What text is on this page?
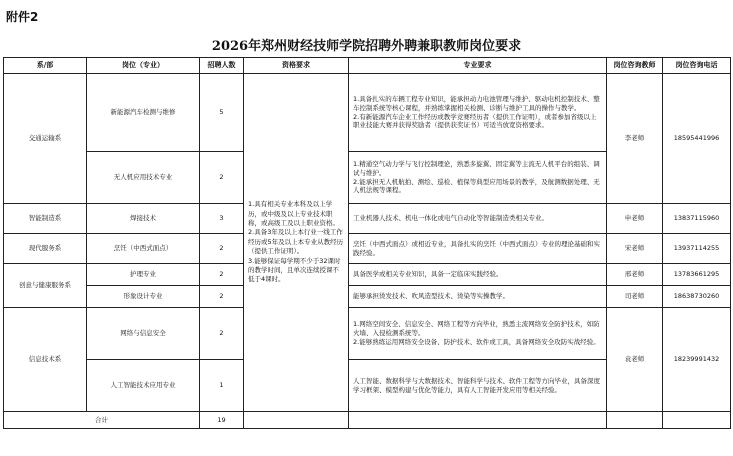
附件2
2026年郑州财经技师学院招聘外聘兼职教师岗位要求
系/部	岗位（专业）	招聘人数	资格要求	专业要求	岗位咨询教师	岗位咨询电话
交通运输系	新能源汽车检测与维修	5	1.具有相关专业本科及以上学历，或中级及以上专业技术职称，或高级工及以上职业资格。
2.具备3年及以上本行业一线工作经历或5年及以上本专业从教经历（提供工作证明）。
3.能够保证每学期不少于32课时的教学时间，且单次连续授课不低于4课时。	1.具备扎实的车辆工程专业知识，能承担动力电池管理与维护、驱动电机控制技术、整车控制系统等核心课程，并熟练掌握相关检测、诊断与维护工具的操作与教学。
2.有新能源汽车企业工作经历或教学竞赛经历者（提供工作证明），或者参加省级以上职业技能大赛并获得奖励者（提供获奖证书）可适当放宽资格要求。	李老师	18595441996
	无人机应用技术专业	2		1.精通空气动力学与飞行控制理论，熟悉多旋翼、固定翼等主流无人机平台的组装、调试与维护。
2.能承担无人机航拍、测绘、巡检、植保等典型应用场景的教学，及航测数据处理、无人机法规等课程。		
智能制造系	焊接技术	3		工业机器人技术、机电一体化或电气自动化等智能制造类相关专业。	申老师	13837115960
现代服务系	烹饪（中西式面点）	2		烹饪（中西式面点）或相近专业，具备扎实的烹饪（中西式面点）专业的理论基础和实践经验。	宋老师	13937114255
创意与健康服务系	护理专业	2		具备医学或相关专业知识，具备一定临床实践经验。	邢老师	13783661295
	形象设计专业	2		能够承担烫发技术、吹风造型技术、烫染等实操教学。	司老师	18638730260
信息技术系	网络与信息安全	2		1.网络空间安全、信息安全、网络工程等方向毕业，熟悉主流网络安全防护技术，如防火墙、入侵检测系统等。
2.能够熟练运用网络安全设备、防护技术、软件或工具，具备网络安全攻防实战经验。	袁老师	18239991432
	人工智能技术应用专业	1		人工智能、数据科学与大数据技术、智能科学与技术、软件工程等方向毕业，具备深度学习框架、模型构建与优化等能力，具有人工智能开发应用等相关经验。		
合计		19				
